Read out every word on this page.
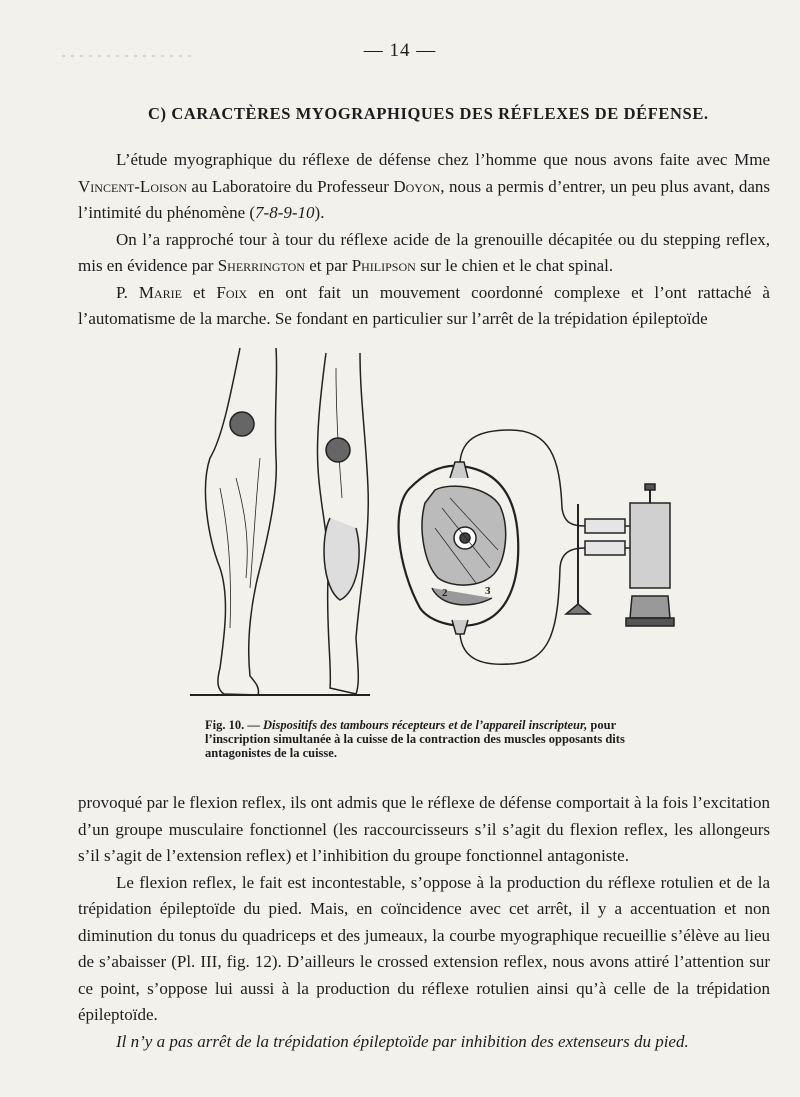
— 14 —
C) CARACTÈRES MYOGRAPHIQUES DES RÉFLEXES DE DÉFENSE.

L’étude myographique du réflexe de défense chez l’homme que nous avons faite avec Mme Vincent-Loison au Laboratoire du Professeur Doyon, nous a permis d’entrer, un peu plus avant, dans l’intimité du phénomène (7-8-9-10).

On l’a rapproché tour à tour du réflexe acide de la grenouille décapitée ou du stepping reflex, mis en évidence par Sherrington et par Philipson sur le chien et le chat spinal.

P. Marie et Foix en ont fait un mouvement coordonné complexe et l’ont rattaché à l’automatisme de la marche. Se fondant en particulier sur l’arrêt de la trépidation épileptoïde

2	3
Fig. 10. — Dispositifs des tambours récepteurs et de l’appareil inscripteur, pour l’inscription simultanée à la cuisse de la contraction des muscles opposants dits antagonistes de la cuisse.

provoqué par le flexion reflex, ils ont admis que le réflexe de défense comportait à la fois l’excitation d’un groupe musculaire fonctionnel (les raccourcisseurs s’il s’agit du flexion reflex, les allongeurs s’il s’agit de l’extension reflex) et l’inhibition du groupe fonctionnel antagoniste.

Le flexion reflex, le fait est incontestable, s’oppose à la production du réflexe rotulien et de la trépidation épileptoïde du pied. Mais, en coïncidence avec cet arrêt, il y a accentuation et non diminution du tonus du quadriceps et des jumeaux, la courbe myographique recueillie s’élève au lieu de s’abaisser (Pl. III, fig. 12). D’ailleurs le crossed extension reflex, nous avons attiré l’attention sur ce point, s’oppose lui aussi à la production du réflexe rotulien ainsi qu’à celle de la trépidation épileptoïde.

Il n’y a pas arrêt de la trépidation épileptoïde par inhibition des extenseurs du pied.
